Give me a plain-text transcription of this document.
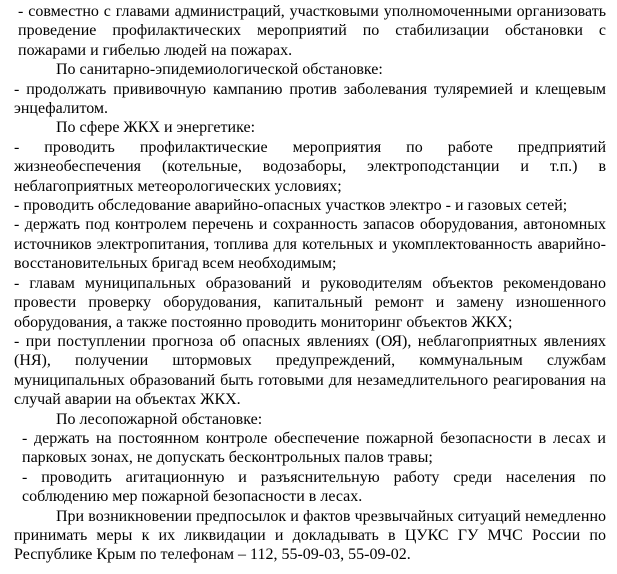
- совместно с главами администраций, участковыми уполномоченными организовать проведение профилактических мероприятий по стабилизации обстановки с пожарами и гибелью людей на пожарах.

По санитарно-эпидемиологической обстановке:

- продолжать прививочную кампанию против заболевания туляремией и клещевым энцефалитом.

По сфере ЖКХ и энергетике:

- проводить профилактические мероприятия по работе предприятий жизнеобеспечения (котельные, водозаборы, электроподстанции и т.п.) в неблагоприятных метеорологических условиях;

- проводить обследование аварийно-опасных участков электро - и газовых сетей;

- держать под контролем перечень и сохранность запасов оборудования, автономных источников электропитания, топлива для котельных и укомплектованность аварийно-восстановительных бригад всем необходимым;

- главам муниципальных образований и руководителям объектов рекомендовано провести проверку оборудования, капитальный ремонт и замену изношенного оборудования, а также постоянно проводить мониторинг объектов ЖКХ;

- при поступлении прогноза об опасных явлениях (ОЯ), неблагоприятных явлениях (НЯ), получении штормовых предупреждений, коммунальным службам муниципальных образований быть готовыми для незамедлительного реагирования на случай аварии на объектах ЖКХ.

По лесопожарной обстановке:

- держать на постоянном контроле обеспечение пожарной безопасности в лесах и парковых зонах, не допускать бесконтрольных палов травы;

- проводить агитационную и разъяснительную работу среди населения по соблюдению мер пожарной безопасности в лесах.

При возникновении предпосылок и фактов чрезвычайных ситуаций немедленно принимать меры к их ликвидации и докладывать в ЦУКС ГУ МЧС России по Республике Крым по телефонам – 112, 55-09-03, 55-09-02.
